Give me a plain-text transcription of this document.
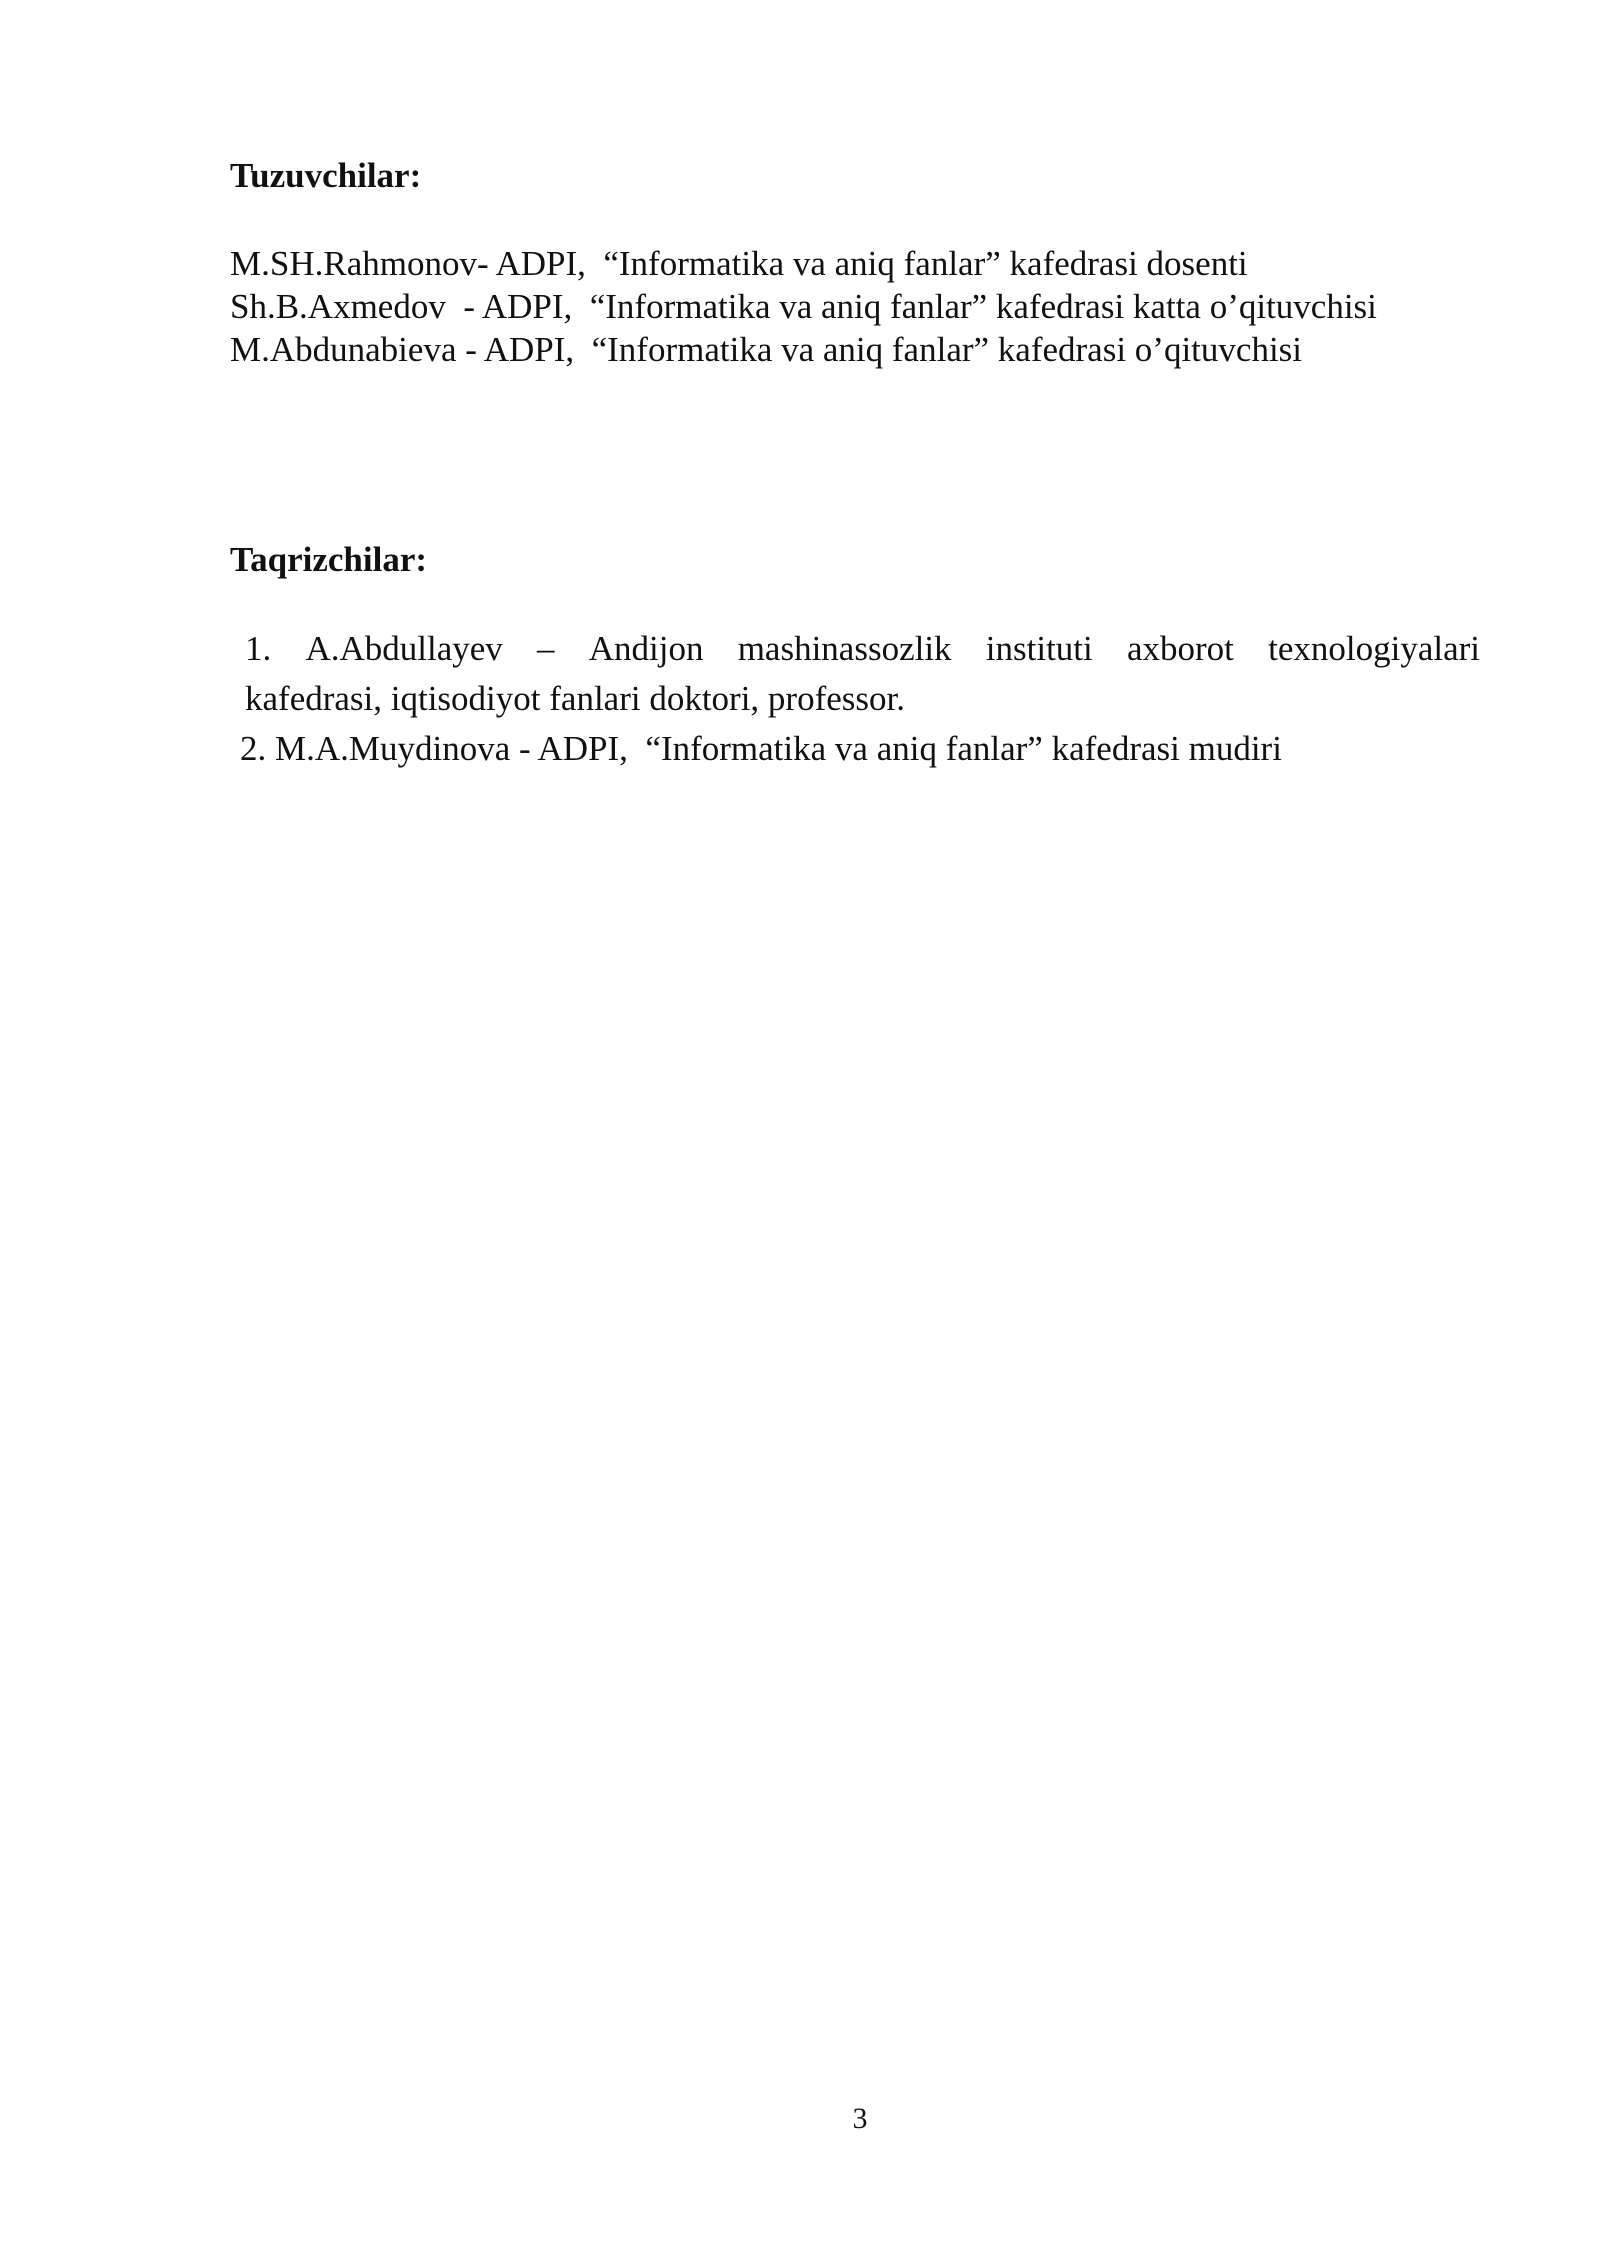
Tuzuvchilar:
M.SH.Rahmonov- ADPI,  “Informatika va aniq fanlar” kafedrasi dosenti
Sh.B.Axmedov  - ADPI,  “Informatika va aniq fanlar” kafedrasi katta o’qituvchisi
M.Abdunabieva - ADPI,  “Informatika va aniq fanlar” kafedrasi o’qituvchisi
Taqrizchilar:
1. A.Abdullayev – Andijon mashinassozlik instituti axborot texnologiyalari
kafedrasi, iqtisodiyot fanlari doktori, professor.
2. M.A.Muydinova - ADPI,  “Informatika va aniq fanlar” kafedrasi mudiri
3
